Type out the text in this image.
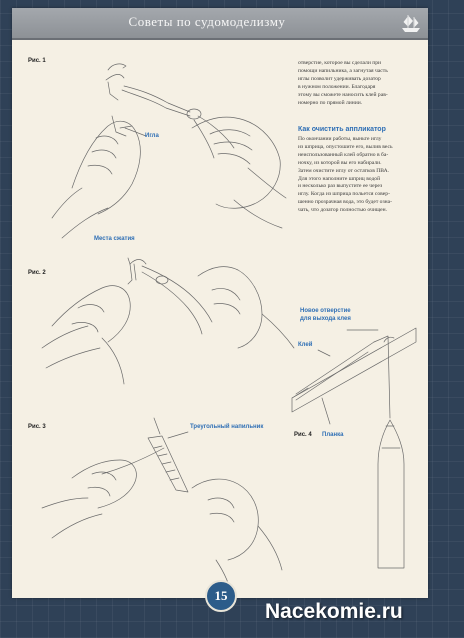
Советы по судомоделизму
Рис. 1
Игла
Рис. 2
Места сжатия
Рис. 3	Треугольный напильник
Рис. 4
Новое отверстие
для выхода клея
Клей
Планка
отверстие, которое вы сделали при
помощи напильника, а загнутая часть
иглы позволит удерживать дозатор
в нужном положении. Благодаря
этому вы сможете наносить клей рав-
номерно по прямой линии.
Как очистить аппликатор
По окончании работы, выньте иглу
из шприца, опустошите его, вылив весь
неиспользованный клей обратно в ба-
ночку, из которой вы его набирали.
Затем очистите иглу от остатков ПВА.
Для этого наполните шприц водой
и несколько раз выпустите ее через
иглу. Когда из шприца польется совер-
шенно прозрачная вода, это будет озна-
чать, что дозатор полностью очищен.
15
Nacekomie.ru
